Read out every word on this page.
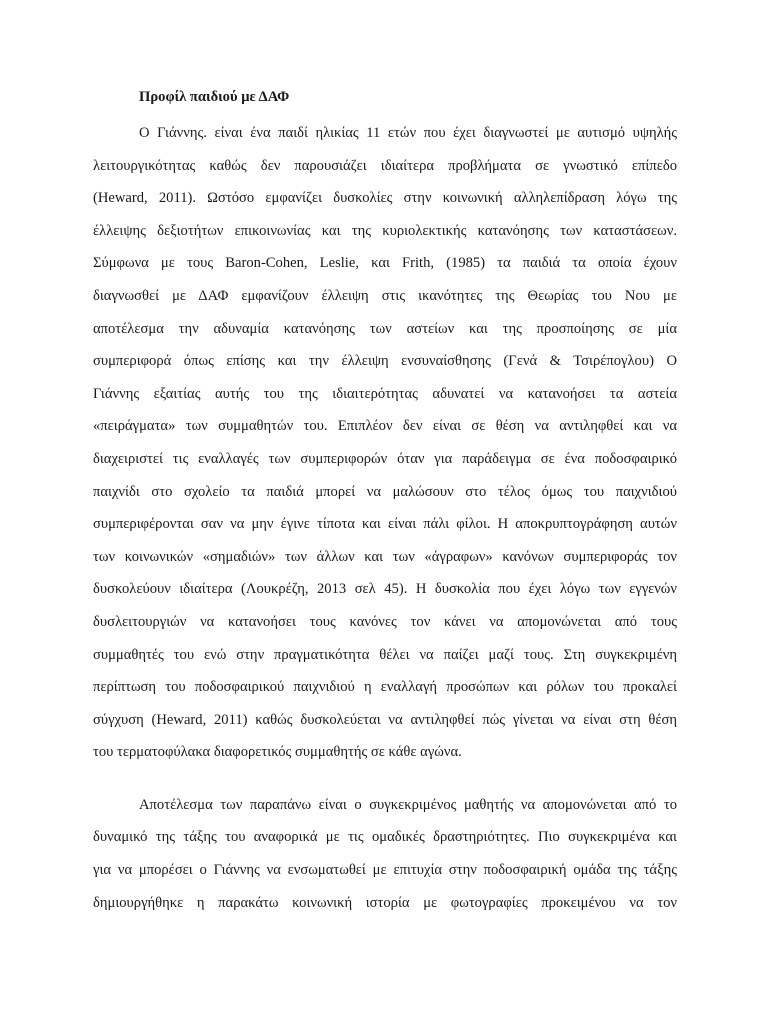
Προφίλ παιδιού με ΔΑΦ

Ο Γιάννης. είναι ένα παιδί ηλικίας 11 ετών που έχει διαγνωστεί με αυτισμό υψηλής
λειτουργικότητας καθώς δεν παρουσιάζει ιδιαίτερα προβλήματα σε γνωστικό επίπεδο
(Heward, 2011). Ωστόσο εμφανίζει δυσκολίες στην κοινωνική αλληλεπίδραση λόγω της
έλλειψης δεξιοτήτων επικοινωνίας και της κυριολεκτικής κατανόησης των καταστάσεων.
Σύμφωνα με τους Baron-Cohen, Leslie, και Frith, (1985) τα παιδιά τα οποία έχουν
διαγνωσθεί με ΔΑΦ εμφανίζουν έλλειψη στις ικανότητες της Θεωρίας του Νου με
αποτέλεσμα την αδυναμία κατανόησης των αστείων και της προσποίησης σε μία
συμπεριφορά όπως επίσης και την έλλειψη ενσυναίσθησης (Γενά & Τσιρέπογλου) Ο
Γιάννης εξαιτίας αυτής του της ιδιαιτερότητας αδυνατεί να κατανοήσει τα αστεία
«πειράγματα» των συμμαθητών του. Επιπλέον δεν είναι σε θέση να αντιληφθεί και να
διαχειριστεί τις εναλλαγές των συμπεριφορών όταν για παράδειγμα σε ένα ποδοσφαιρικό
παιχνίδι στο σχολείο τα παιδιά μπορεί να μαλώσουν στο τέλος όμως του παιχνιδιού
συμπεριφέρονται σαν να μην έγινε τίποτα και είναι πάλι φίλοι. Η αποκρυπτογράφηση αυτών
των κοινωνικών «σημαδιών» των άλλων και των «άγραφων» κανόνων συμπεριφοράς τον
δυσκολεύουν ιδιαίτερα (Λουκρέζη, 2013 σελ 45). Η δυσκολία που έχει λόγω των εγγενών
δυσλειτουργιών να κατανοήσει τους κανόνες τον κάνει να απομονώνεται από τους
συμμαθητές του ενώ στην πραγματικότητα θέλει να παίζει μαζί τους. Στη συγκεκριμένη
περίπτωση του ποδοσφαιρικού παιχνιδιού η εναλλαγή προσώπων και ρόλων του προκαλεί
σύγχυση (Heward, 2011) καθώς δυσκολεύεται να αντιληφθεί πώς γίνεται να είναι στη θέση
του τερματοφύλακα διαφορετικός συμμαθητής σε κάθε αγώνα.

Αποτέλεσμα των παραπάνω είναι ο συγκεκριμένος μαθητής να απομονώνεται από το
δυναμικό της τάξης του αναφορικά με τις ομαδικές δραστηριότητες. Πιο συγκεκριμένα και
για να μπορέσει ο Γιάννης να ενσωματωθεί με επιτυχία στην ποδοσφαιρική ομάδα της τάξης
δημιουργήθηκε η παρακάτω κοινωνική ιστορία με φωτογραφίες προκειμένου να τον
